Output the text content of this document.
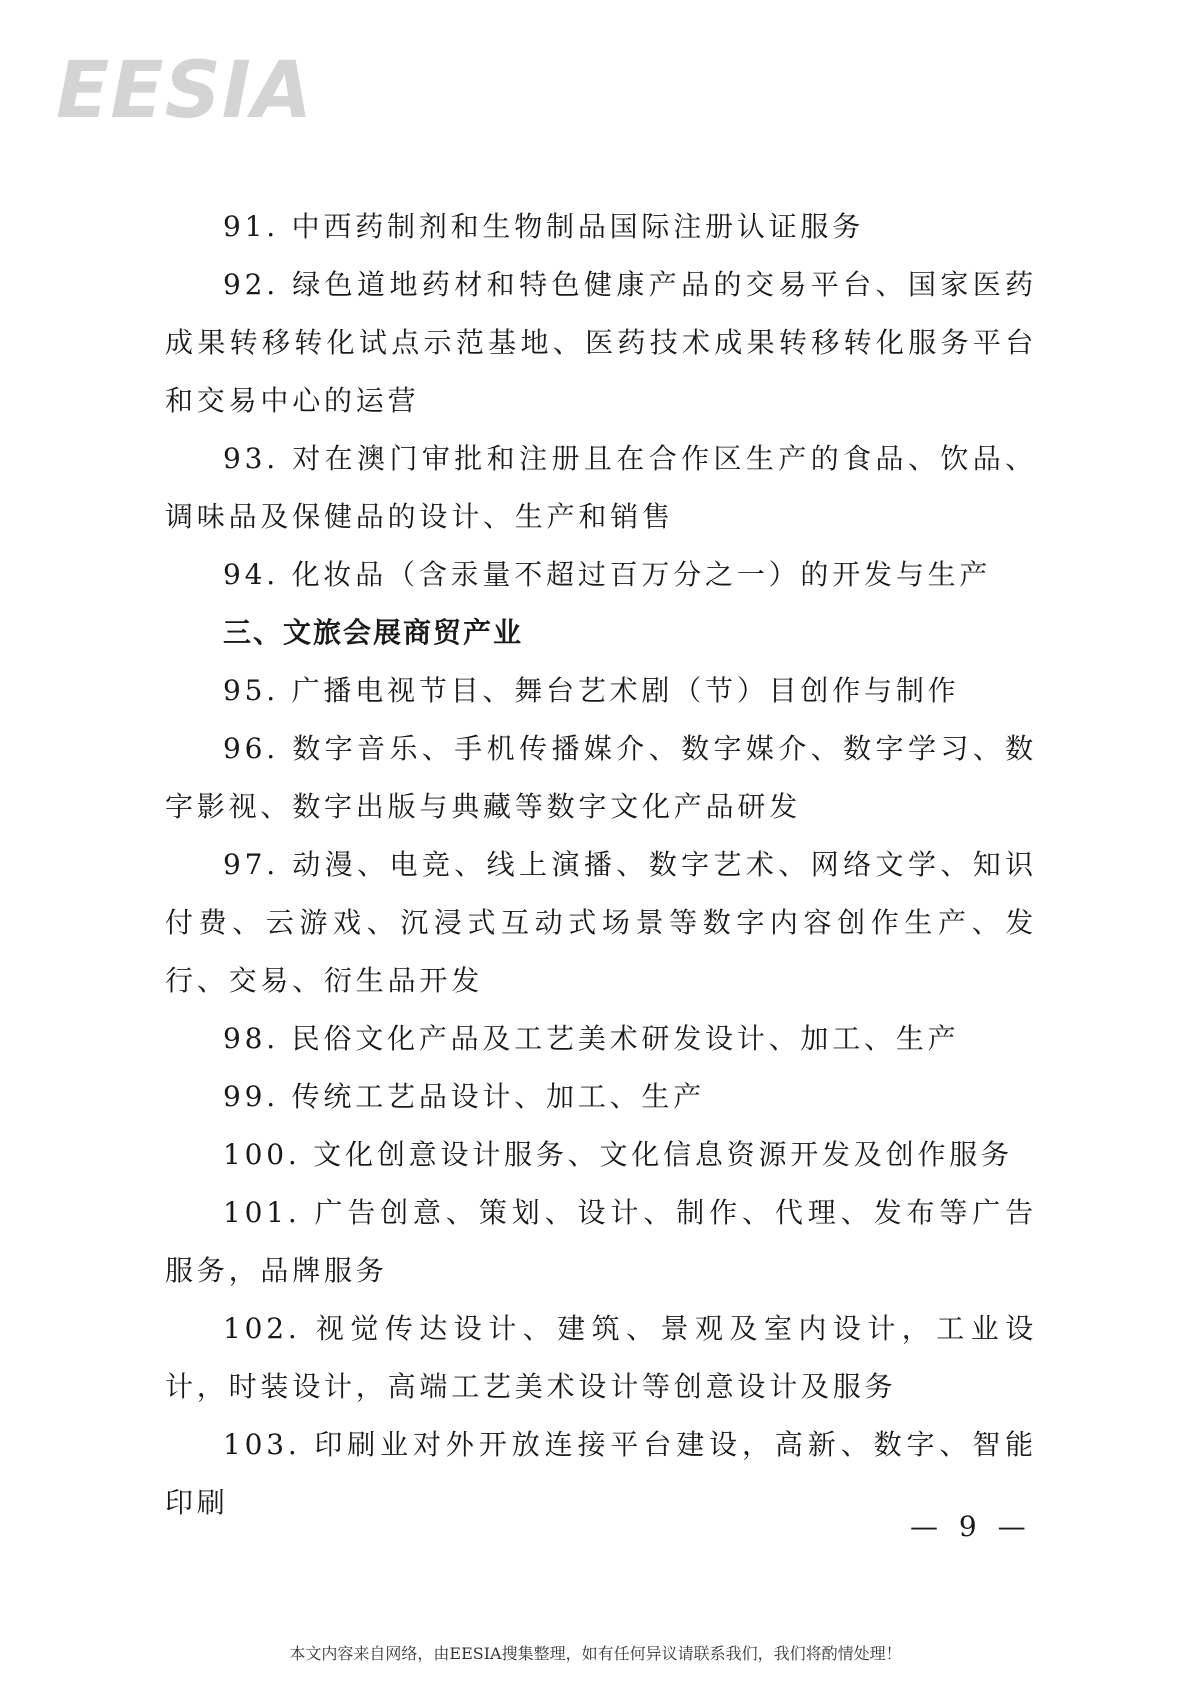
EESIA

91. 中西药制剂和生物制品国际注册认证服务

92. 绿色道地药材和特色健康产品的交易平台、国家医药成果转移转化试点示范基地、医药技术成果转移转化服务平台和交易中心的运营

93. 对在澳门审批和注册且在合作区生产的食品、饮品、调味品及保健品的设计、生产和销售

94. 化妆品（含汞量不超过百万分之一）的开发与生产

三、文旅会展商贸产业

95. 广播电视节目、舞台艺术剧（节）目创作与制作

96. 数字音乐、手机传播媒介、数字媒介、数字学习、数字影视、数字出版与典藏等数字文化产品研发

97. 动漫、电竞、线上演播、数字艺术、网络文学、知识付费、云游戏、沉浸式互动式场景等数字内容创作生产、发行、交易、衍生品开发

98. 民俗文化产品及工艺美术研发设计、加工、生产

99. 传统工艺品设计、加工、生产

100. 文化创意设计服务、文化信息资源开发及创作服务

101. 广告创意、策划、设计、制作、代理、发布等广告服务，品牌服务

102. 视觉传达设计、建筑、景观及室内设计，工业设计，时装设计，高端工艺美术设计等创意设计及服务

103. 印刷业对外开放连接平台建设，高新、数字、智能印刷

— 9 —
本文内容来自网络，由EESIA搜集整理，如有任何异议请联系我们，我们将酌情处理！
